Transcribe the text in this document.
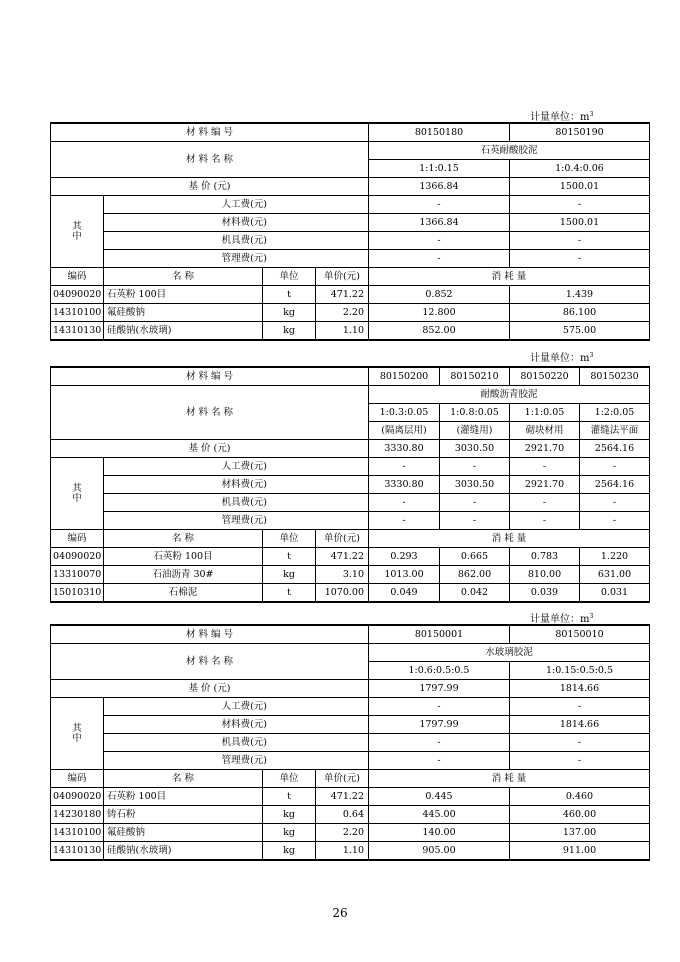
计量单位：$m^3$
材 料 编 号				80150180	80150190
材 料 名 称				石英耐酸胶泥	
				1:1:0.15	1:0.4:0.06
基 价 (元)				1366.84	1500.01
其
中	人工费(元)			-	-
	材料费(元)			1366.84	1500.01
	机具费(元)			-	-
	管理费(元)			-	-
编码	名 称	单位	单价(元)	消 耗 量	
04090020	石英粉 100目	t	471.22	0.852	1.439
14310100	氟硅酸钠	kg	2.20	12.800	86.100
14310130	硅酸钠(水玻璃)	kg	1.10	852.00	575.00
计量单位：$m^3$
材 料 编 号				80150200	80150210	80150220	80150230
材 料 名 称				耐酸沥青胶泥			
				1:0.3:0.05	1:0.8:0.05	1:1:0.05	1:2:0.05
				(隔离层用)	(灌缝用)	砌块材用	灌缝法平面
基 价 (元)				3330.80	3030.50	2921.70	2564.16
其
中	人工费(元)			-	-	-	-
	材料费(元)			3330.80	3030.50	2921.70	2564.16
	机具费(元)			-	-	-	-
	管理费(元)			-	-	-	-
编码	名 称	单位	单价(元)	消 耗 量			
04090020	石英粉 100目	t	471.22	0.293	0.665	0.783	1.220
13310070	石油沥青 30#	kg	3.10	1013.00	862.00	810.00	631.00
15010310	石棉泥	t	1070.00	0.049	0.042	0.039	0.031
计量单位：$m^3$
材 料 编 号				80150001	80150010
材 料 名 称				水玻璃胶泥	
				1:0.6:0.5:0.5	1:0.15:0.5:0.5
基 价 (元)				1797.99	1814.66
其
中	人工费(元)			-	-
	材料费(元)			1797.99	1814.66
	机具费(元)			-	-
	管理费(元)			-	-
编码	名 称	单位	单价(元)	消 耗 量	
04090020	石英粉 100目	t	471.22	0.445	0.460
14230180	铸石粉	kg	0.64	445.00	460.00
14310100	氟硅酸钠	kg	2.20	140.00	137.00
14310130	硅酸钠(水玻璃)	kg	1.10	905.00	911.00
26
